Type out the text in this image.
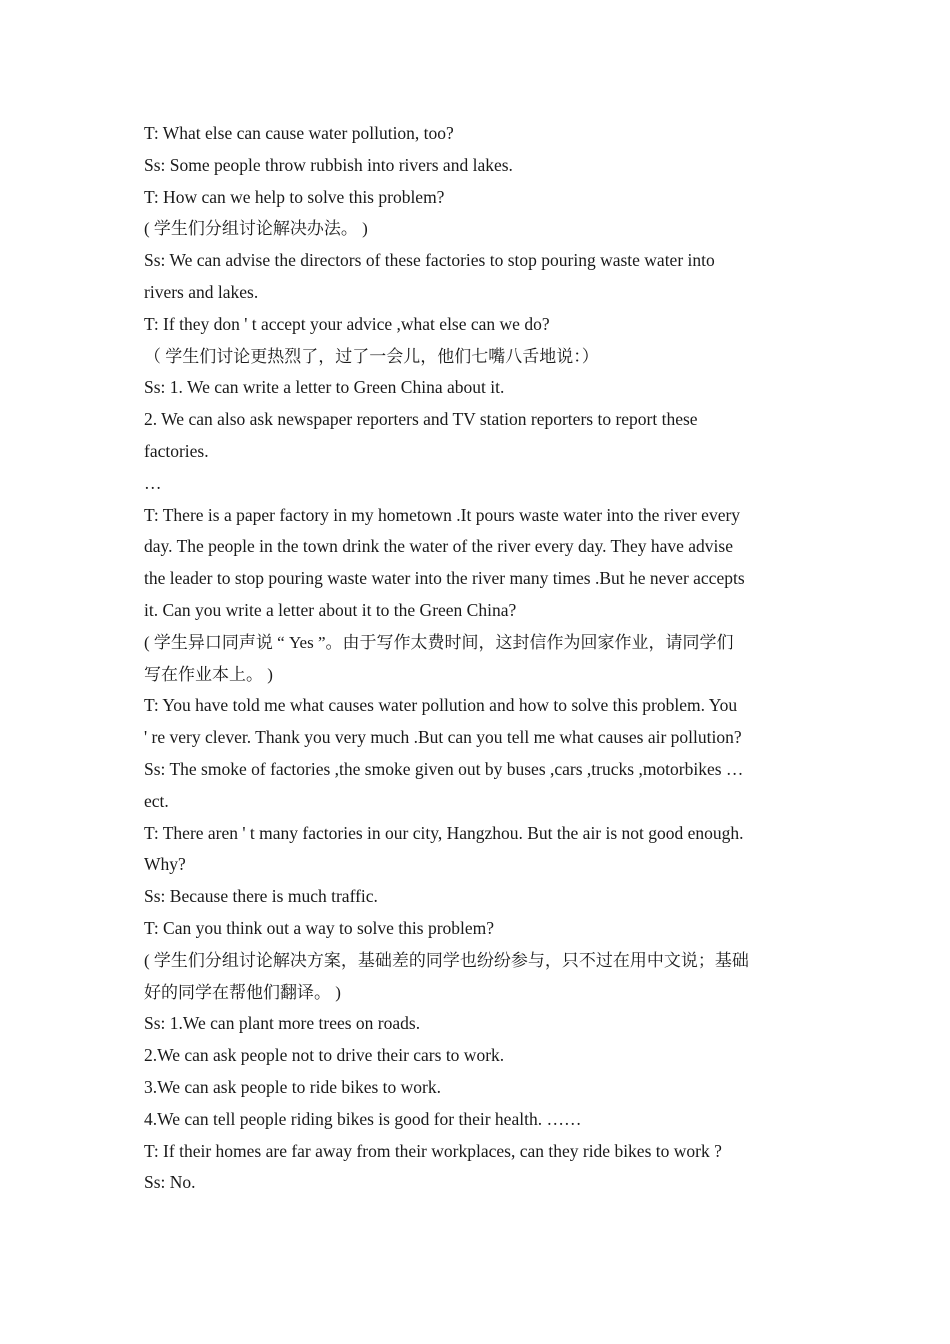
T: What else can cause water pollution, too?
Ss: Some people throw rubbish into rivers and lakes.
T: How can we help to solve this problem?
( 学生们分组讨论解决办法。 )
Ss: We can advise the directors of these factories to stop pouring waste water into
rivers and lakes.
T: If they don ' t accept your advice ,what else can we do?
（ 学生们讨论更热烈了，过了一会儿，他们七嘴八舌地说：）
Ss: 1. We can write a letter to Green China about it.
2. We can also ask newspaper reporters and TV station reporters to report these
factories.
…
T: There is a paper factory in my hometown .It pours waste water into the river every
day. The people in the town drink the water of the river every day. They have advise
the leader to stop pouring waste water into the river many times .But he never accepts
it. Can you write a letter about it to the Green China?
( 学生异口同声说 “ Yes ”。由于写作太费时间，这封信作为回家作业，请同学们
写在作业本上。 )
T: You have told me what causes water pollution and how to solve this problem. You
' re very clever. Thank you very much .But can you tell me what causes air pollution?
Ss: The smoke of factories ,the smoke given out by buses ,cars ,trucks ,motorbikes …
ect.
T: There aren ' t many factories in our city, Hangzhou. But the air is not good enough.
Why?
Ss: Because there is much traffic.
T: Can you think out a way to solve this problem?
( 学生们分组讨论解决方案，基础差的同学也纷纷参与，只不过在用中文说；基础
好的同学在帮他们翻译。 )
Ss: 1.We can plant more trees on roads.
2.We can ask people not to drive their cars to work.
3.We can ask people to ride bikes to work.
4.We can tell people riding bikes is good for their health. ……
T: If their homes are far away from their workplaces, can they ride bikes to work ?
Ss: No.
